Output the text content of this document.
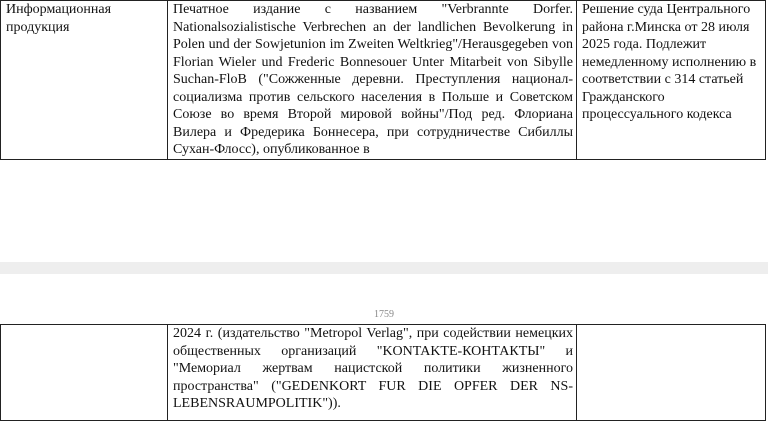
Информационная продукция	Печатное издание с названием "Verbrannte Dorfer. Nationalsozialistische Verbrechen an der landlichen Bevolkerung in Polen und der Sowjetunion im Zweiten Weltkrieg"/Herausgegeben von Florian Wieler und Frederic Bonnesouer Unter Mitarbeit von Sibylle Suchan-FloB ("Сожженные деревни. Преступления национал-социализма против сельского населения в Польше и Советском Союзе во время Второй мировой войны"/Под ред. Флориана Вилера и Фредерика Боннесера, при сотрудничестве Сибиллы Сухан-Флосс), опубликованное в	Решение суда Центрального района г.Минска от 28 июля 2025 года. Подлежит немедленному исполнению в соответствии с 314 статьей Гражданского процессуального кодекса
1759
	2024 г. (издательство "Metropol Verlag", при содействии немецких общественных организаций "KONTAKTE-КОНТАКТЫ" и "Мемориал жертвам нацистской политики жизненного пространства" ("GEDENKORT FUR DIE OPFER DER NS- LEBENSRAUMPOLITIK")).	
